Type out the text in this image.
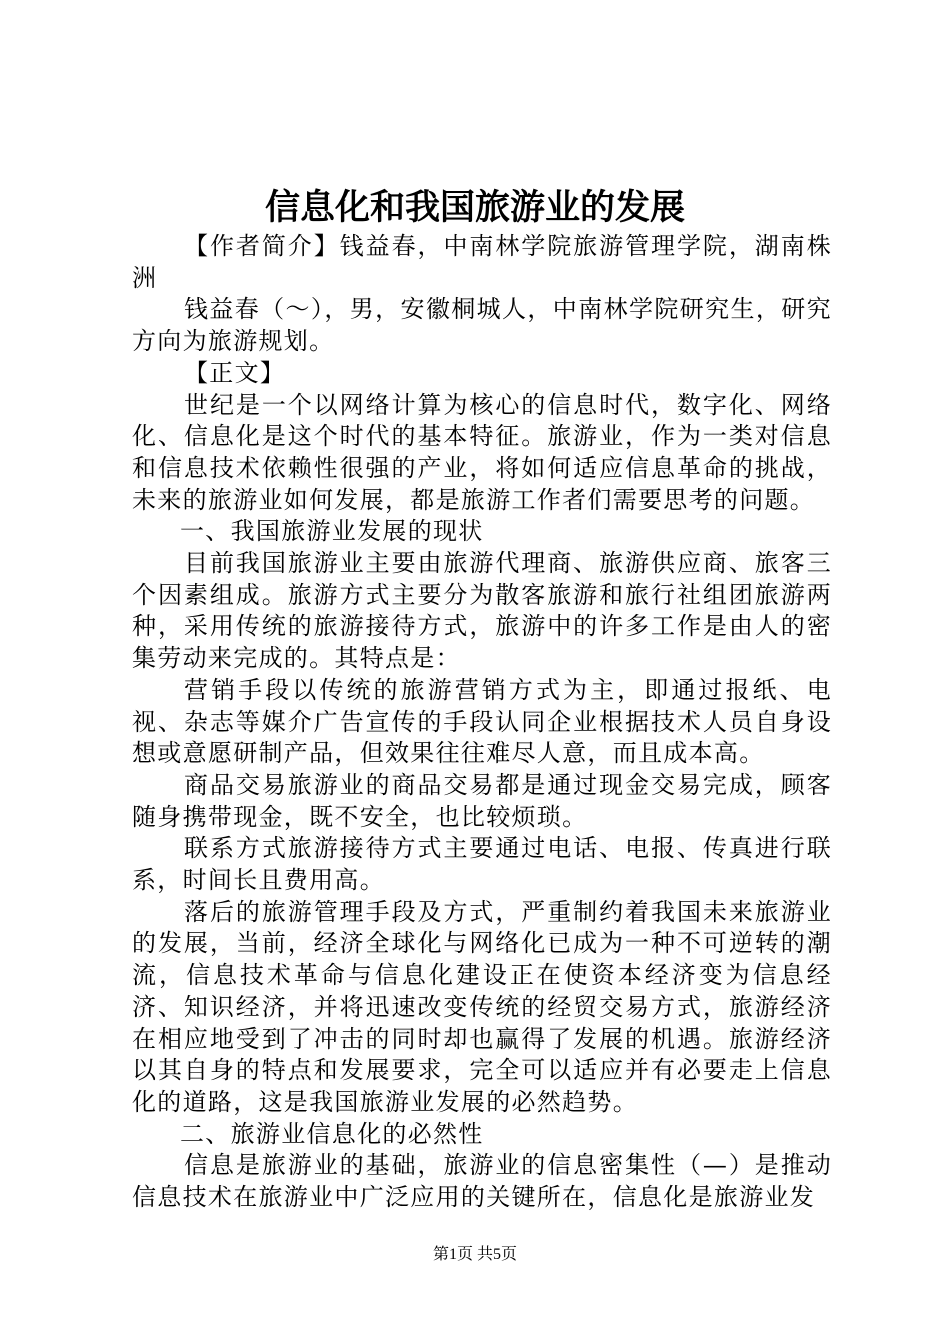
信息化和我国旅游业的发展

【作者简介】钱益春，中南林学院旅游管理学院，湖南株洲

钱益春（～），男，安徽桐城人，中南林学院研究生，研究方向为旅游规划。

【正文】

世纪是一个以网络计算为核心的信息时代，数字化、网络化、信息化是这个时代的基本特征。旅游业，作为一类对信息和信息技术依赖性很强的产业，将如何适应信息革命的挑战，未来的旅游业如何发展，都是旅游工作者们需要思考的问题。

一、我国旅游业发展的现状

目前我国旅游业主要由旅游代理商、旅游供应商、旅客三个因素组成。旅游方式主要分为散客旅游和旅行社组团旅游两种，采用传统的旅游接待方式，旅游中的许多工作是由人的密集劳动来完成的。其特点是：

营销手段以传统的旅游营销方式为主，即通过报纸、电视、杂志等媒介广告宣传的手段认同企业根据技术人员自身设想或意愿研制产品，但效果往往难尽人意，而且成本高。

商品交易旅游业的商品交易都是通过现金交易完成，顾客随身携带现金，既不安全，也比较烦琐。

联系方式旅游接待方式主要通过电话、电报、传真进行联系，时间长且费用高。

落后的旅游管理手段及方式，严重制约着我国未来旅游业的发展，当前，经济全球化与网络化已成为一种不可逆转的潮流，信息技术革命与信息化建设正在使资本经济变为信息经济、知识经济，并将迅速改变传统的经贸交易方式，旅游经济在相应地受到了冲击的同时却也赢得了发展的机遇。旅游经济以其自身的特点和发展要求，完全可以适应并有必要走上信息化的道路，这是我国旅游业发展的必然趋势。

二、旅游业信息化的必然性

信息是旅游业的基础，旅游业的信息密集性（—）是推动信息技术在旅游业中广泛应用的关键所在，信息化是旅游业发

第1页 共5页
